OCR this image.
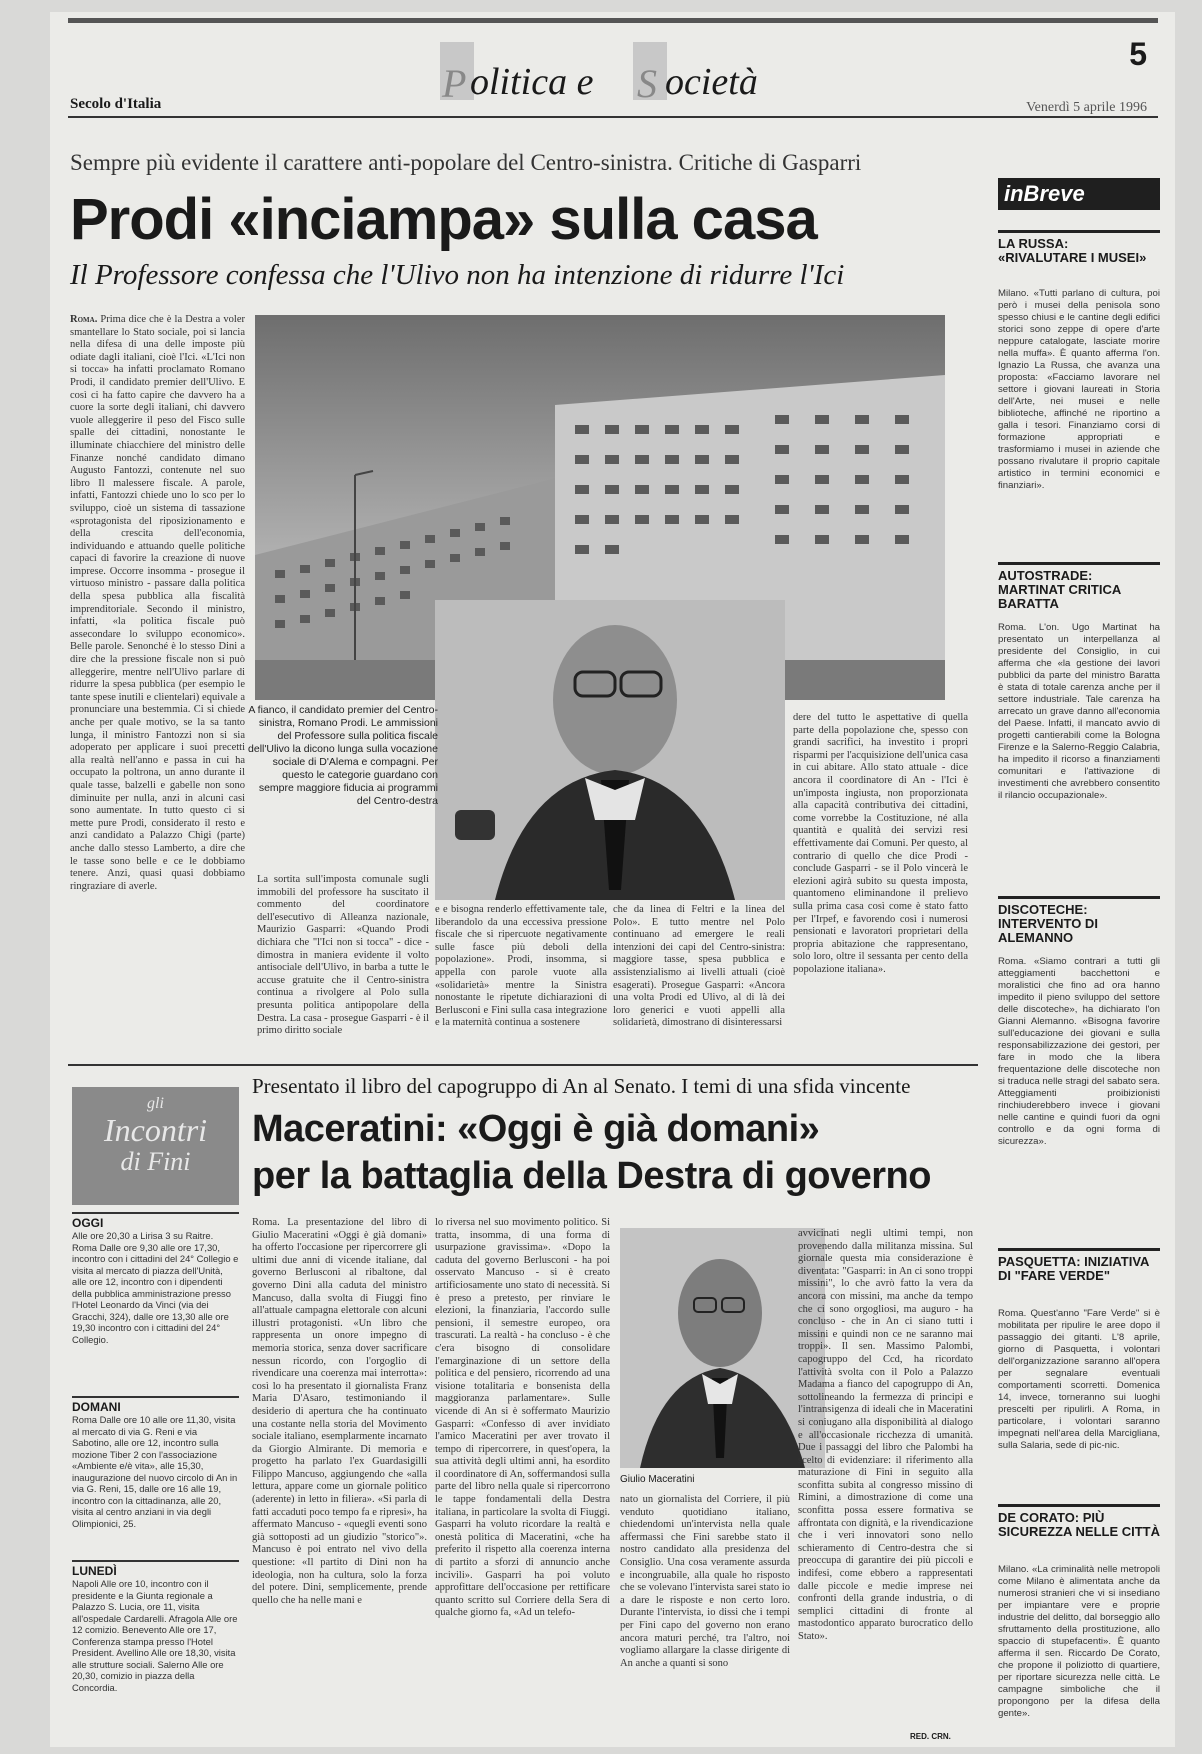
P olitica e S ocietà
5
Secolo d'Italia	Venerdì 5 aprile 1996
Sempre più evidente il carattere anti-popolare del Centro-sinistra. Critiche di Gasparri
Prodi «inciampa» sulla casa
Il Professore confessa che l'Ulivo non ha intenzione di ridurre l'Ici
Roma. Prima dice che è la Destra a voler smantellare lo Stato sociale, poi si lancia nella difesa di una delle imposte più odiate dagli italiani, cioè l'Ici. «L'Ici non si tocca» ha infatti proclamato Romano Prodi, il candidato premier dell'Ulivo. E così ci ha fatto capire che davvero ha a cuore la sorte degli italiani, chi davvero vuole alleggerire il peso del Fisco sulle spalle dei cittadini, nonostante le illuminate chiacchiere del ministro delle Finanze nonché candidato dimano Augusto Fantozzi, contenute nel suo libro Il malessere fiscale. A parole, infatti, Fantozzi chiede uno lo sco per lo sviluppo, cioè un sistema di tassazione «sprotagonista del riposizionamento e della crescita dell'economia, individuando e attuando quelle politiche capaci di favorire la creazione di nuove imprese. Occorre insomma - prosegue il virtuoso ministro - passare dalla politica della spesa pubblica alla fiscalità imprenditoriale. Secondo il ministro, infatti, «la politica fiscale può assecondare lo sviluppo economico». Belle parole. Senonché è lo stesso Dini a dire che la pressione fiscale non si può alleggerire, mentre nell'Ulivo parlare di ridurre la spesa pubblica (per esempio le tante spese inutili e clientelari) equivale a pronunciare una bestemmia. Ci si chiede anche per quale motivo, se la sa tanto lunga, il ministro Fantozzi non si sia adoperato per applicare i suoi precetti alla realtà nell'anno e passa in cui ha occupato la poltrona, un anno durante il quale tasse, balzelli e gabelle non sono diminuite per nulla, anzi in alcuni casi sono aumentate. In tutto questo ci si mette pure Prodi, considerato il resto e anzi candidato a Palazzo Chigi (parte) anche dallo stesso Lamberto, a dire che le tasse sono belle e ce le dobbiamo tenere. Anzi, quasi quasi dobbiamo ringraziare di averle.
A fianco, il candidato premier del Centro-sinistra, Romano Prodi. Le ammissioni del Professore sulla politica fiscale dell'Ulivo la dicono lunga sulla vocazione sociale di D'Alema e compagni. Per questo le categorie guardano con sempre maggiore fiducia ai programmi del Centro-destra
La sortita sull'imposta comunale sugli immobili del professore ha suscitato il commento del coordinatore dell'esecutivo di Alleanza nazionale, Maurizio Gasparri: «Quando Prodi dichiara che "l'Ici non si tocca" - dice - dimostra in maniera evidente il volto antisociale dell'Ulivo, in barba a tutte le accuse gratuite che il Centro-sinistra continua a rivolgere al Polo sulla presunta politica antipopolare della Destra. La casa - prosegue Gasparri - è il primo diritto sociale
e e bisogna renderlo effettivamente tale, liberandolo da una eccessiva pressione fiscale che si ripercuote negativamente sulle fasce più deboli della popolazione». Prodi, insomma, si appella con parole vuote alla «solidarietà» mentre la Sinistra nonostante le ripetute dichiarazioni di Berlusconi e Fini sulla casa integrazione e la maternità continua a sostenere
che da linea di Feltri e la linea del Polo». E tutto mentre nel Polo continuano ad emergere le reali intenzioni dei capi del Centro-sinistra: maggiore tasse, spesa pubblica e assistenzialismo ai livelli attuali (cioè esagerati). Prosegue Gasparri: «Ancora una volta Prodi ed Ulivo, al di là dei loro generici e vuoti appelli alla solidarietà, dimostrano di disinteressarsi
dere del tutto le aspettative di quella parte della popolazione che, spesso con grandi sacrifici, ha investito i propri risparmi per l'acquisizione dell'unica casa in cui abitare. Allo stato attuale - dice ancora il coordinatore di An - l'Ici è un'imposta ingiusta, non proporzionata alla capacità contributiva dei cittadini, come vorrebbe la Costituzione, né alla quantità e qualità dei servizi resi effettivamente dai Comuni. Per questo, al contrario di quello che dice Prodi - conclude Gasparri - se il Polo vincerà le elezioni agirà subito su questa imposta, quantomeno eliminandone il prelievo sulla prima casa così come è stato fatto per l'Irpef, e favorendo così i numerosi pensionati e lavoratori proprietari della propria abitazione che rappresentano, solo loro, oltre il sessanta per cento della popolazione italiana».
inBreve
LA RUSSA: «RIVALUTARE I MUSEI»
Milano. «Tutti parlano di cultura, poi però i musei della penisola sono spesso chiusi e le cantine degli edifici storici sono zeppe di opere d'arte neppure catalogate, lasciate morire nella muffa». È quanto afferma l'on. Ignazio La Russa, che avanza una proposta: «Facciamo lavorare nel settore i giovani laureati in Storia dell'Arte, nei musei e nelle biblioteche, affinché ne riportino a galla i tesori. Finanziamo corsi di formazione appropriati e trasformiamo i musei in aziende che possano rivalutare il proprio capitale artistico in termini economici e finanziari».
AUTOSTRADE: MARTINAT CRITICA BARATTA
Roma. L'on. Ugo Martinat ha presentato un interpellanza al presidente del Consiglio, in cui afferma che «la gestione dei lavori pubblici da parte del ministro Baratta è stata di totale carenza anche per il settore industriale. Tale carenza ha arrecato un grave danno all'economia del Paese. Infatti, il mancato avvio di progetti cantierabili come la Bologna Firenze e la Salerno-Reggio Calabria, ha impedito il ricorso a finanziamenti comunitari e l'attivazione di investimenti che avrebbero consentito il rilancio occupazionale».
DISCOTECHE: INTERVENTO DI ALEMANNO
Roma. «Siamo contrari a tutti gli atteggiamenti bacchettoni e moralistici che fino ad ora hanno impedito il pieno sviluppo del settore delle discoteche», ha dichiarato l'on Gianni Alemanno. «Bisogna favorire sull'educazione dei giovani e sulla responsabilizzazione dei gestori, per fare in modo che la libera frequentazione delle discoteche non si traduca nelle stragi del sabato sera. Atteggiamenti proibizionisti rinchiuderebbero invece i giovani nelle cantine e quindi fuori da ogni controllo e da ogni forma di sicurezza».
PASQUETTA: INIZIATIVA DI "FARE VERDE"
Roma. Quest'anno "Fare Verde" si è mobilitata per ripulire le aree dopo il passaggio dei gitanti. L'8 aprile, giorno di Pasquetta, i volontari dell'organizzazione saranno all'opera per segnalare eventuali comportamenti scorretti. Domenica 14, invece, torneranno sui luoghi prescelti per ripulirli. A Roma, in particolare, i volontari saranno impegnati nell'area della Marcigliana, sulla Salaria, sede di pic-nic.
DE CORATO: PIÙ SICUREZZA NELLE CITTÀ
Milano. «La criminalità nelle metropoli come Milano è alimentata anche da numerosi stranieri che vi si insediano per impiantare vere e proprie industrie del delitto, dal borseggio allo sfruttamento della prostituzione, allo spaccio di stupefacenti». È quanto afferma il sen. Riccardo De Corato, che propone il poliziotto di quartiere, per riportare sicurezza nelle città. Le campagne simboliche che il propongono per la difesa della gente».
gli
Incontri
di Fini
OGGI
Alle ore 20,30 a Lirisa 3 su Raitre. Roma Dalle ore 9,30 alle ore 17,30, incontro con i cittadini del 24° Collegio e visita al mercato di piazza dell'Unità, alle ore 12, incontro con i dipendenti della pubblica amministrazione presso l'Hotel Leonardo da Vinci (via dei Gracchi, 324), dalle ore 13,30 alle ore 19,30 incontro con i cittadini del 24° Collegio.
DOMANI
Roma Dalle ore 10 alle ore 11,30, visita al mercato di via G. Reni e via Sabotino, alle ore 12, incontro sulla mozione Tiber 2 con l'associazione «Ambiente e/è vita», alle 15,30, inaugurazione del nuovo circolo di An in via G. Reni, 15, dalle ore 16 alle 19, incontro con la cittadinanza, alle 20, visita al centro anziani in via degli Olimpionici, 25.
LUNEDÌ
Napoli Alle ore 10, incontro con il presidente e la Giunta regionale a Palazzo S. Lucia, ore 11, visita all'ospedale Cardarelli. Afragola Alle ore 12 comizio. Benevento Alle ore 17, Conferenza stampa presso l'Hotel President. Avellino Alle ore 18,30, visita alle strutture sociali. Salerno Alle ore 20,30, comizio in piazza della Concordia.
Presentato il libro del capogruppo di An al Senato. I temi di una sfida vincente
Maceratini: «Oggi è già domani»
per la battaglia della Destra di governo
Roma. La presentazione del libro di Giulio Maceratini «Oggi è già domani» ha offerto l'occasione per ripercorrere gli ultimi due anni di vicende italiane, dal governo Berlusconi al ribaltone, dal governo Dini alla caduta del ministro Mancuso, dalla svolta di Fiuggi fino all'attuale campagna elettorale con alcuni illustri protagonisti. «Un libro che rappresenta un onore impegno di memoria storica, senza dover sacrificare nessun ricordo, con l'orgoglio di rivendicare una coerenza mai interrotta»: così lo ha presentato il giornalista Franz Maria D'Asaro, testimoniando il desiderio di apertura che ha continuato una costante nella storia del Movimento sociale italiano, esemplarmente incarnato da Giorgio Almirante. Di memoria e progetto ha parlato l'ex Guardasigilli Filippo Mancuso, aggiungendo che «alla lettura, appare come un giornale politico (aderente) in letto in filiera». «Si parla di fatti accaduti poco tempo fa e ripresi», ha affermato Mancuso - «quegli eventi sono già sottoposti ad un giudizio "storico"». Mancuso è poi entrato nel vivo della questione: «Il partito di Dini non ha ideologia, non ha cultura, solo la forza del potere. Dini, semplicemente, prende quello che ha nelle mani e
lo riversa nel suo movimento politico. Si tratta, insomma, di una forma di usurpazione gravissima». «Dopo la caduta del governo Berlusconi - ha poi osservato Mancuso - si è creato artificiosamente uno stato di necessità. Si è preso a pretesto, per rinviare le elezioni, la finanziaria, l'accordo sulle pensioni, il semestre europeo, ora trascurati. La realtà - ha concluso - è che c'era bisogno di consolidare l'emarginazione di un settore della politica e del pensiero, ricorrendo ad una visione totalitaria e bonsenista della maggioranza parlamentare». Sulle vicende di An si è soffermato Maurizio Gasparri: «Confesso di aver invidiato l'amico Maceratini per aver trovato il tempo di ripercorrere, in quest'opera, la sua attività degli ultimi anni, ha esordito il coordinatore di An, soffermandosi sulla parte del libro nella quale si ripercorrono le tappe fondamentali della Destra italiana, in particolare la svolta di Fiuggi. Gasparri ha voluto ricordare la realtà e onestà politica di Maceratini, «che ha preferito il rispetto alla coerenza interna di partito a sforzi di annuncio anche incivili». Gasparri ha poi voluto approfittare dell'occasione per rettificare quanto scritto sul Corriere della Sera di qualche giorno fa, «Ad un telefo-
Giulio Maceratini
nato un giornalista del Corriere, il più venduto quotidiano italiano, chiedendomi un'intervista nella quale affermassi che Fini sarebbe stato il nostro candidato alla presidenza del Consiglio. Una cosa veramente assurda e incongruabile, alla quale ho risposto che se volevano l'intervista sarei stato io a dare le risposte e non certo loro. Durante l'intervista, io dissi che i tempi per Fini capo del governo non erano ancora maturi perché, tra l'altro, noi vogliamo allargare la classe dirigente di An anche a quanti si sono
avvicinati negli ultimi tempi, non provenendo dalla militanza missina. Sul giornale questa mia considerazione è diventata: "Gasparri: in An ci sono troppi missini", lo che avrò fatto la vera da ancora con missini, ma anche da tempo che ci sono orgogliosi, ma auguro - ha concluso - che in An ci siano tutti i missini e quindi non ce ne saranno mai troppi». Il sen. Massimo Palombi, capogruppo del Ccd, ha ricordato l'attività svolta con il Polo a Palazzo Madama a fianco del capogruppo di An, sottolineando la fermezza di principi e l'intransigenza di ideali che in Maceratini si coniugano alla disponibilità al dialogo e all'occasionale ricchezza di umanità. Due i passaggi del libro che Palombi ha scelto di evidenziare: il riferimento alla maturazione di Fini in seguito alla sconfitta subita al congresso missino di Rimini, a dimostrazione di come una sconfitta possa essere formativa se affrontata con dignità, e la rivendicazione che i veri innovatori sono nello schieramento di Centro-destra che si preoccupa di garantire dei più piccoli e indifesi, come ebbero a rappresentati dalle piccole e medie imprese nei confronti della grande industria, o di semplici cittadini di fronte al mastodontico apparato burocratico dello Stato».
RED. CRN.
